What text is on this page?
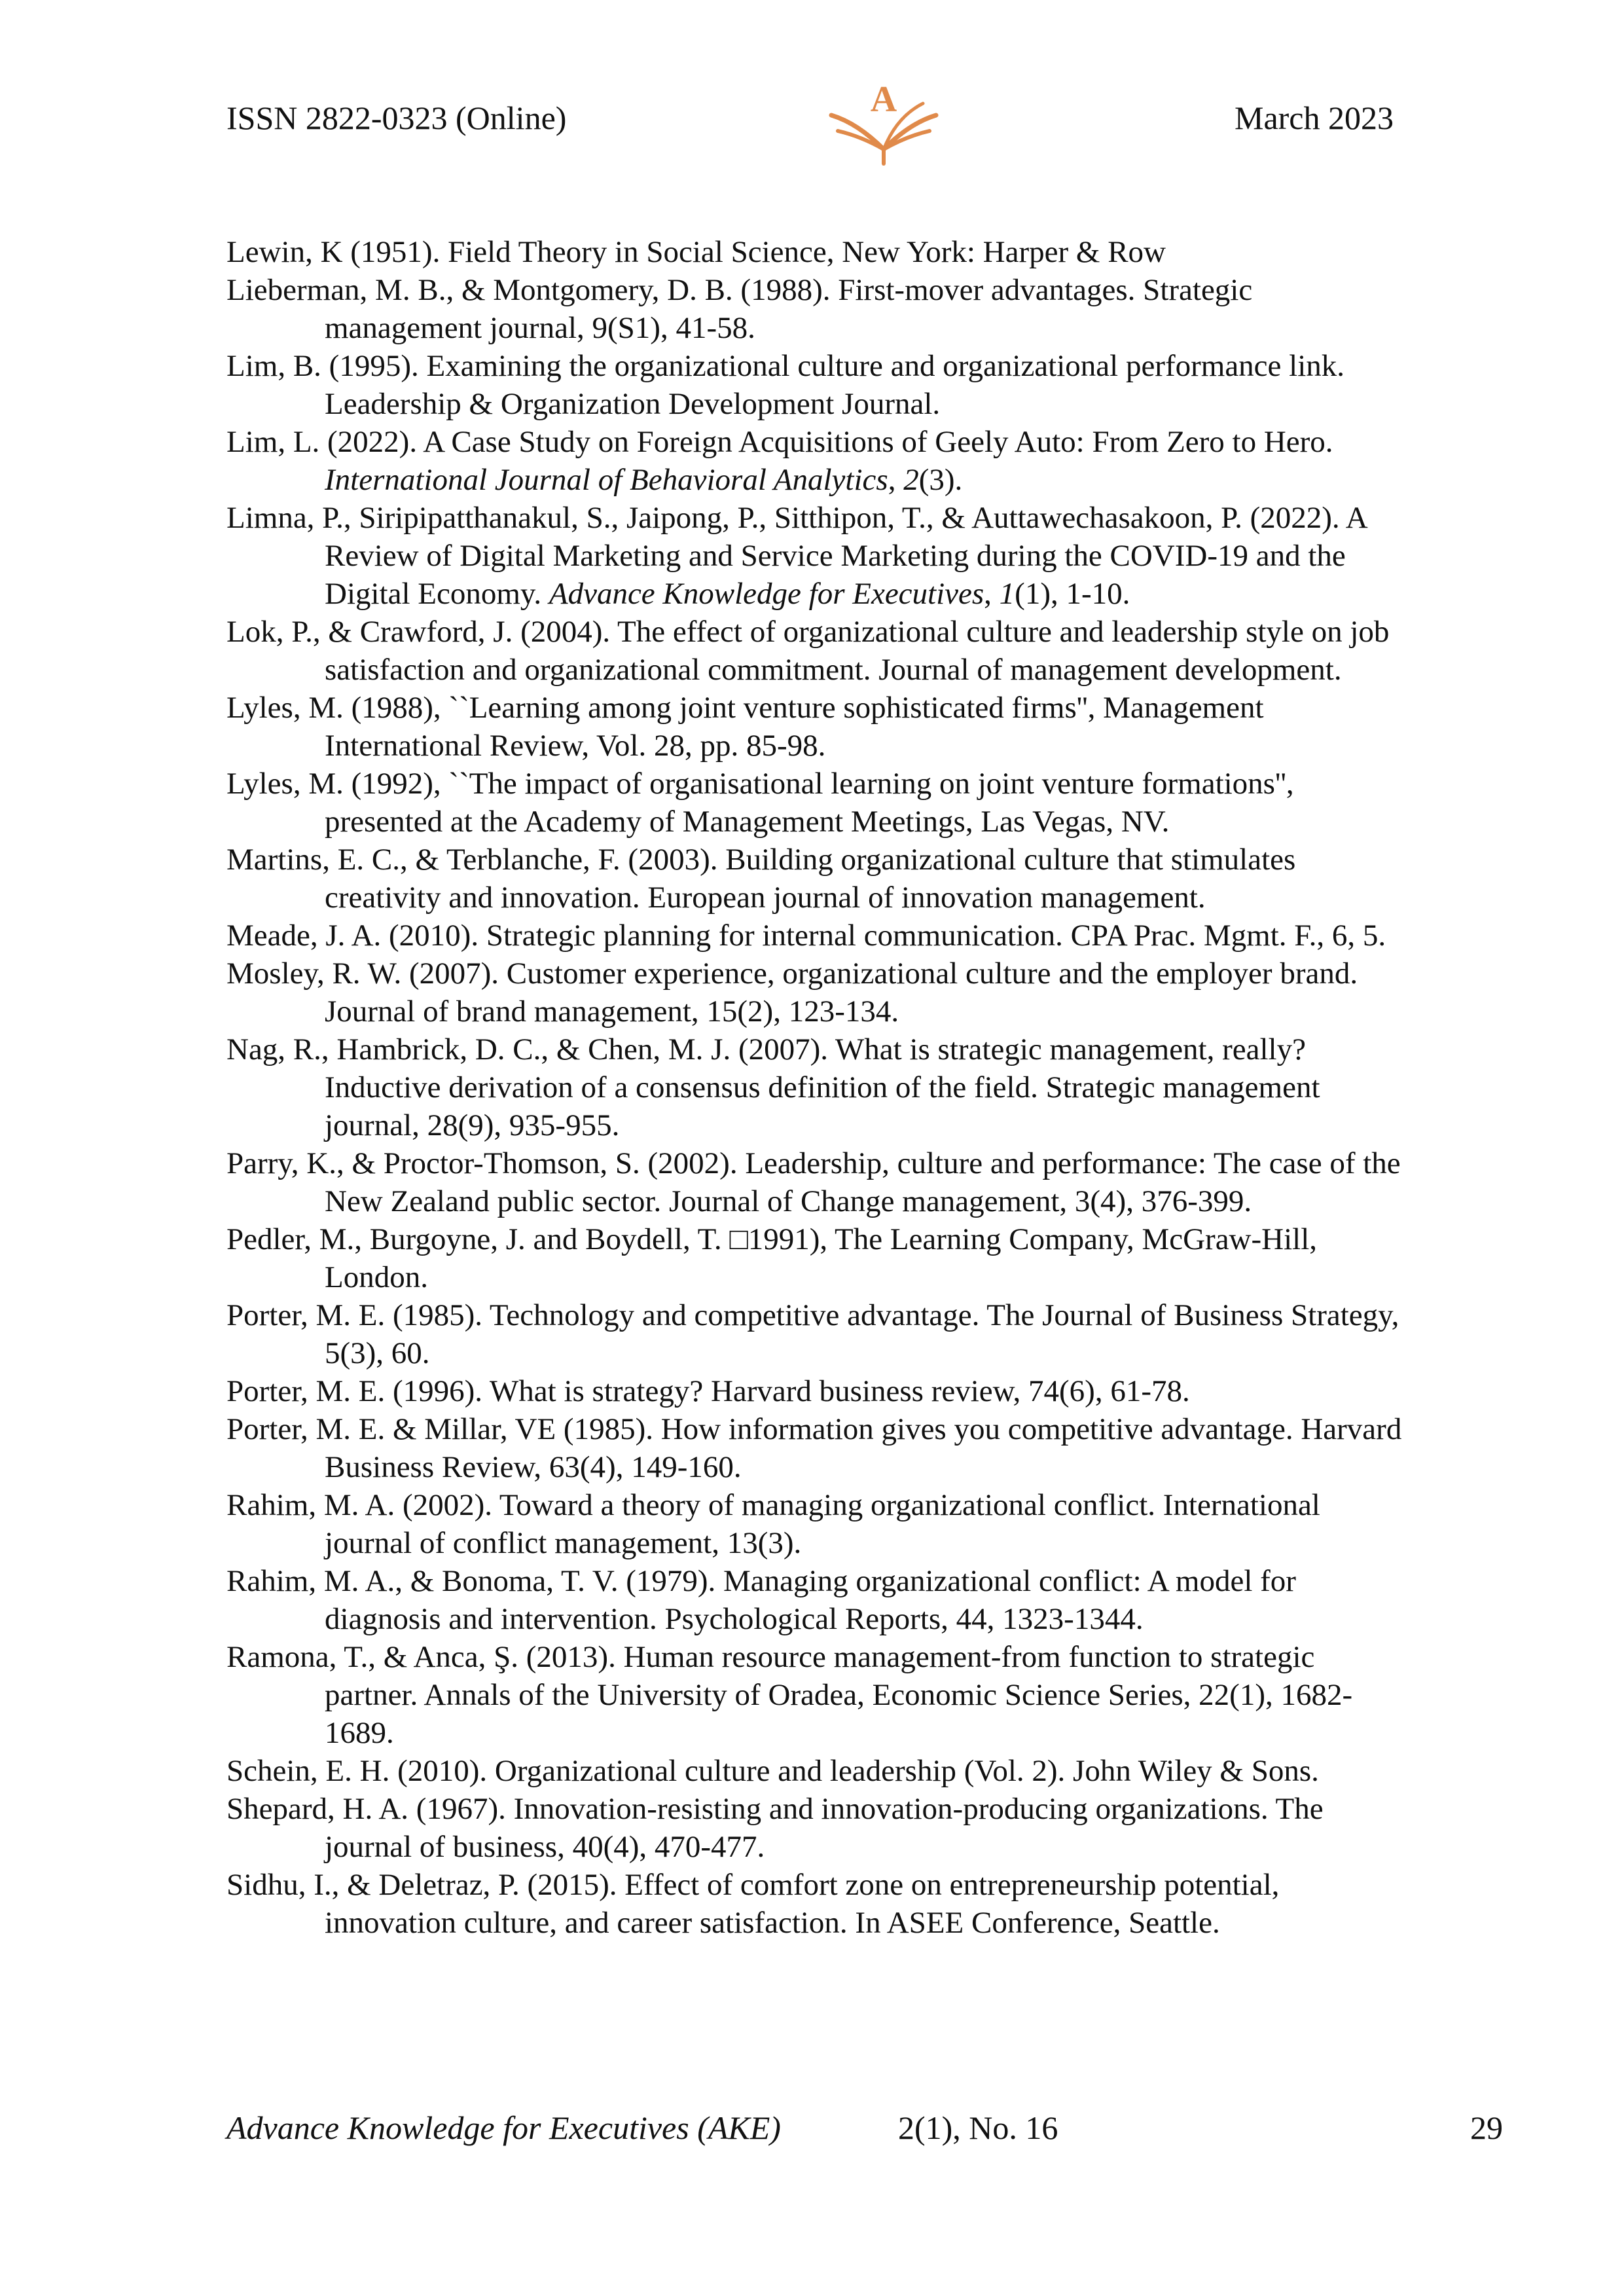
ISSN 2822-0323 (Online)	A	March 2023
Lewin, K (1951). Field Theory in Social Science, New York: Harper & Row
Lieberman, M. B., & Montgomery, D. B. (1988). First-mover advantages. Strategic management journal, 9(S1), 41-58.
Lim, B. (1995). Examining the organizational culture and organizational performance link. Leadership & Organization Development Journal.
Lim, L. (2022). A Case Study on Foreign Acquisitions of Geely Auto: From Zero to Hero. International Journal of Behavioral Analytics, 2(3).
Limna, P., Siripipatthanakul, S., Jaipong, P., Sitthipon, T., & Auttawechasakoon, P. (2022). A Review of Digital Marketing and Service Marketing during the COVID-19 and the Digital Economy. Advance Knowledge for Executives, 1(1), 1-10.
Lok, P., & Crawford, J. (2004). The effect of organizational culture and leadership style on job satisfaction and organizational commitment. Journal of management development.
Lyles, M. (1988), ``Learning among joint venture sophisticated firms'', Management International Review, Vol. 28, pp. 85-98.
Lyles, M. (1992), ``The impact of organisational learning on joint venture formations'', presented at the Academy of Management Meetings, Las Vegas, NV.
Martins, E. C., & Terblanche, F. (2003). Building organizational culture that stimulates creativity and innovation. European journal of innovation management.
Meade, J. A. (2010). Strategic planning for internal communication. CPA Prac. Mgmt. F., 6, 5.
Mosley, R. W. (2007). Customer experience, organizational culture and the employer brand. Journal of brand management, 15(2), 123-134.
Nag, R., Hambrick, D. C., & Chen, M. J. (2007). What is strategic management, really? Inductive derivation of a consensus definition of the field. Strategic management journal, 28(9), 935-955.
Parry, K., & Proctor-Thomson, S. (2002). Leadership, culture and performance: The case of the New Zealand public sector. Journal of Change management, 3(4), 376-399.
Pedler, M., Burgoyne, J. and Boydell, T. □1991), The Learning Company, McGraw-Hill, London.
Porter, M. E. (1985). Technology and competitive advantage. The Journal of Business Strategy, 5(3), 60.
Porter, M. E. (1996). What is strategy? Harvard business review, 74(6), 61-78.
Porter, M. E. & Millar, VE (1985). How information gives you competitive advantage. Harvard Business Review, 63(4), 149-160.
Rahim, M. A. (2002). Toward a theory of managing organizational conflict. International journal of conflict management, 13(3).
Rahim, M. A., & Bonoma, T. V. (1979). Managing organizational conflict: A model for diagnosis and intervention. Psychological Reports, 44, 1323-1344.
Ramona, T., & Anca, Ş. (2013). Human resource management-from function to strategic partner. Annals of the University of Oradea, Economic Science Series, 22(1), 1682-1689.
Schein, E. H. (2010). Organizational culture and leadership (Vol. 2). John Wiley & Sons.
Shepard, H. A. (1967). Innovation-resisting and innovation-producing organizations. The journal of business, 40(4), 470-477.
Sidhu, I., & Deletraz, P. (2015). Effect of comfort zone on entrepreneurship potential, innovation culture, and career satisfaction. In ASEE Conference, Seattle.
Advance Knowledge for Executives (AKE)	2(1), No. 16	29
